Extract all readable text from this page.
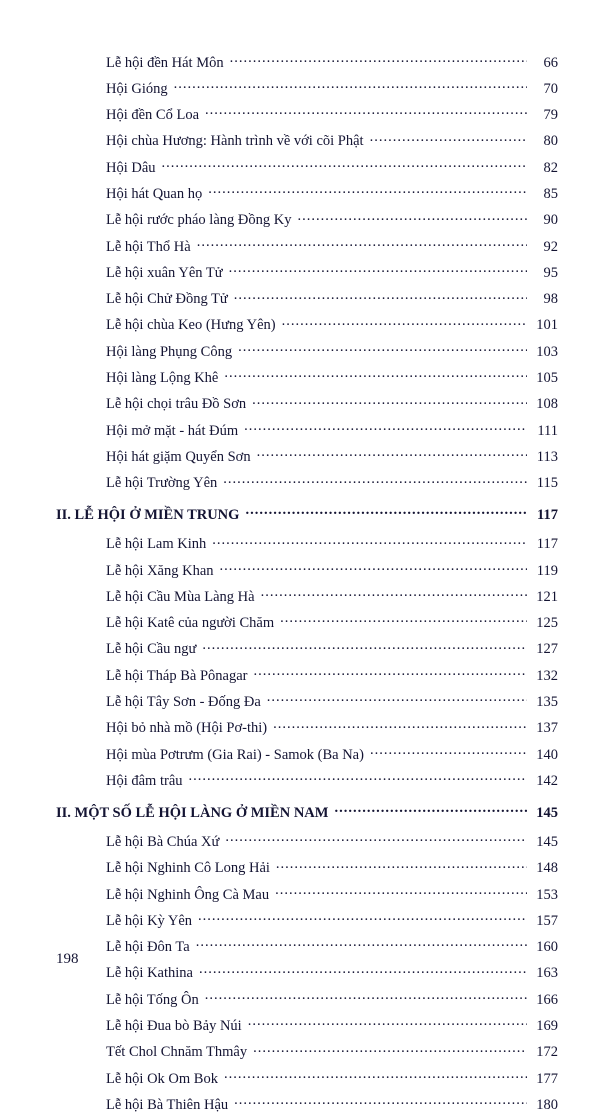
Lễ hội đền Hát Môn .....	66
Hội Gióng .....	70
Hội đền Cổ Loa .....	79
Hội chùa Hương: Hành trình về với cõi Phật .....	80
Hội Dâu .....	82
Hội hát Quan họ .....	85
Lễ hội rước pháo làng Đồng Ky .....	90
Lễ hội Thổ Hà .....	92
Lễ hội xuân Yên Tử .....	95
Lễ hội Chử Đồng Tử .....	98
Lễ hội chùa Keo (Hưng Yên) .....	101
Hội làng Phụng Công .....	103
Hội làng Lộng Khê .....	105
Lễ hội chọi trâu Đồ Sơn .....	108
Hội mở mặt - hát Đúm .....	111
Hội hát giặm Quyển Sơn .....	113
Lễ hội Trường Yên .....	115
II. LỄ HỘI Ở MIỀN TRUNG .....	117
Lễ hội Lam Kinh .....	117
Lễ hội Xăng Khan .....	119
Lễ hội Cầu Mùa Làng Hà .....	121
Lễ hội Katê của người Chăm .....	125
Lễ hội Cầu ngư .....	127
Lễ hội Tháp Bà Pônagar .....	132
Lễ hội Tây Sơn - Đống Đa .....	135
Hội bỏ nhà mồ (Hội Pơ-thi) .....	137
Hội mùa Pơtrưm (Gia Rai) - Samok (Ba Na) .....	140
Hội đâm trâu .....	142
II. MỘT SỐ LỄ HỘI LÀNG Ở MIỀN NAM .....	145
Lễ hội Bà Chúa Xứ .....	145
Lễ hội Nghinh Cô Long Hải .....	148
Lễ hội Nghinh Ông Cà Mau .....	153
Lễ hội Kỳ Yên .....	157
Lễ hội Đôn Ta .....	160
Lễ hội Kathina .....	163
Lễ hội Tống Ôn .....	166
Lễ hội Đua bò Bảy Núi .....	169
Tết Chol Chnăm Thmây .....	172
Lễ hội Ok Om Bok .....	177
Lễ hội Bà Thiên Hậu .....	180
198
